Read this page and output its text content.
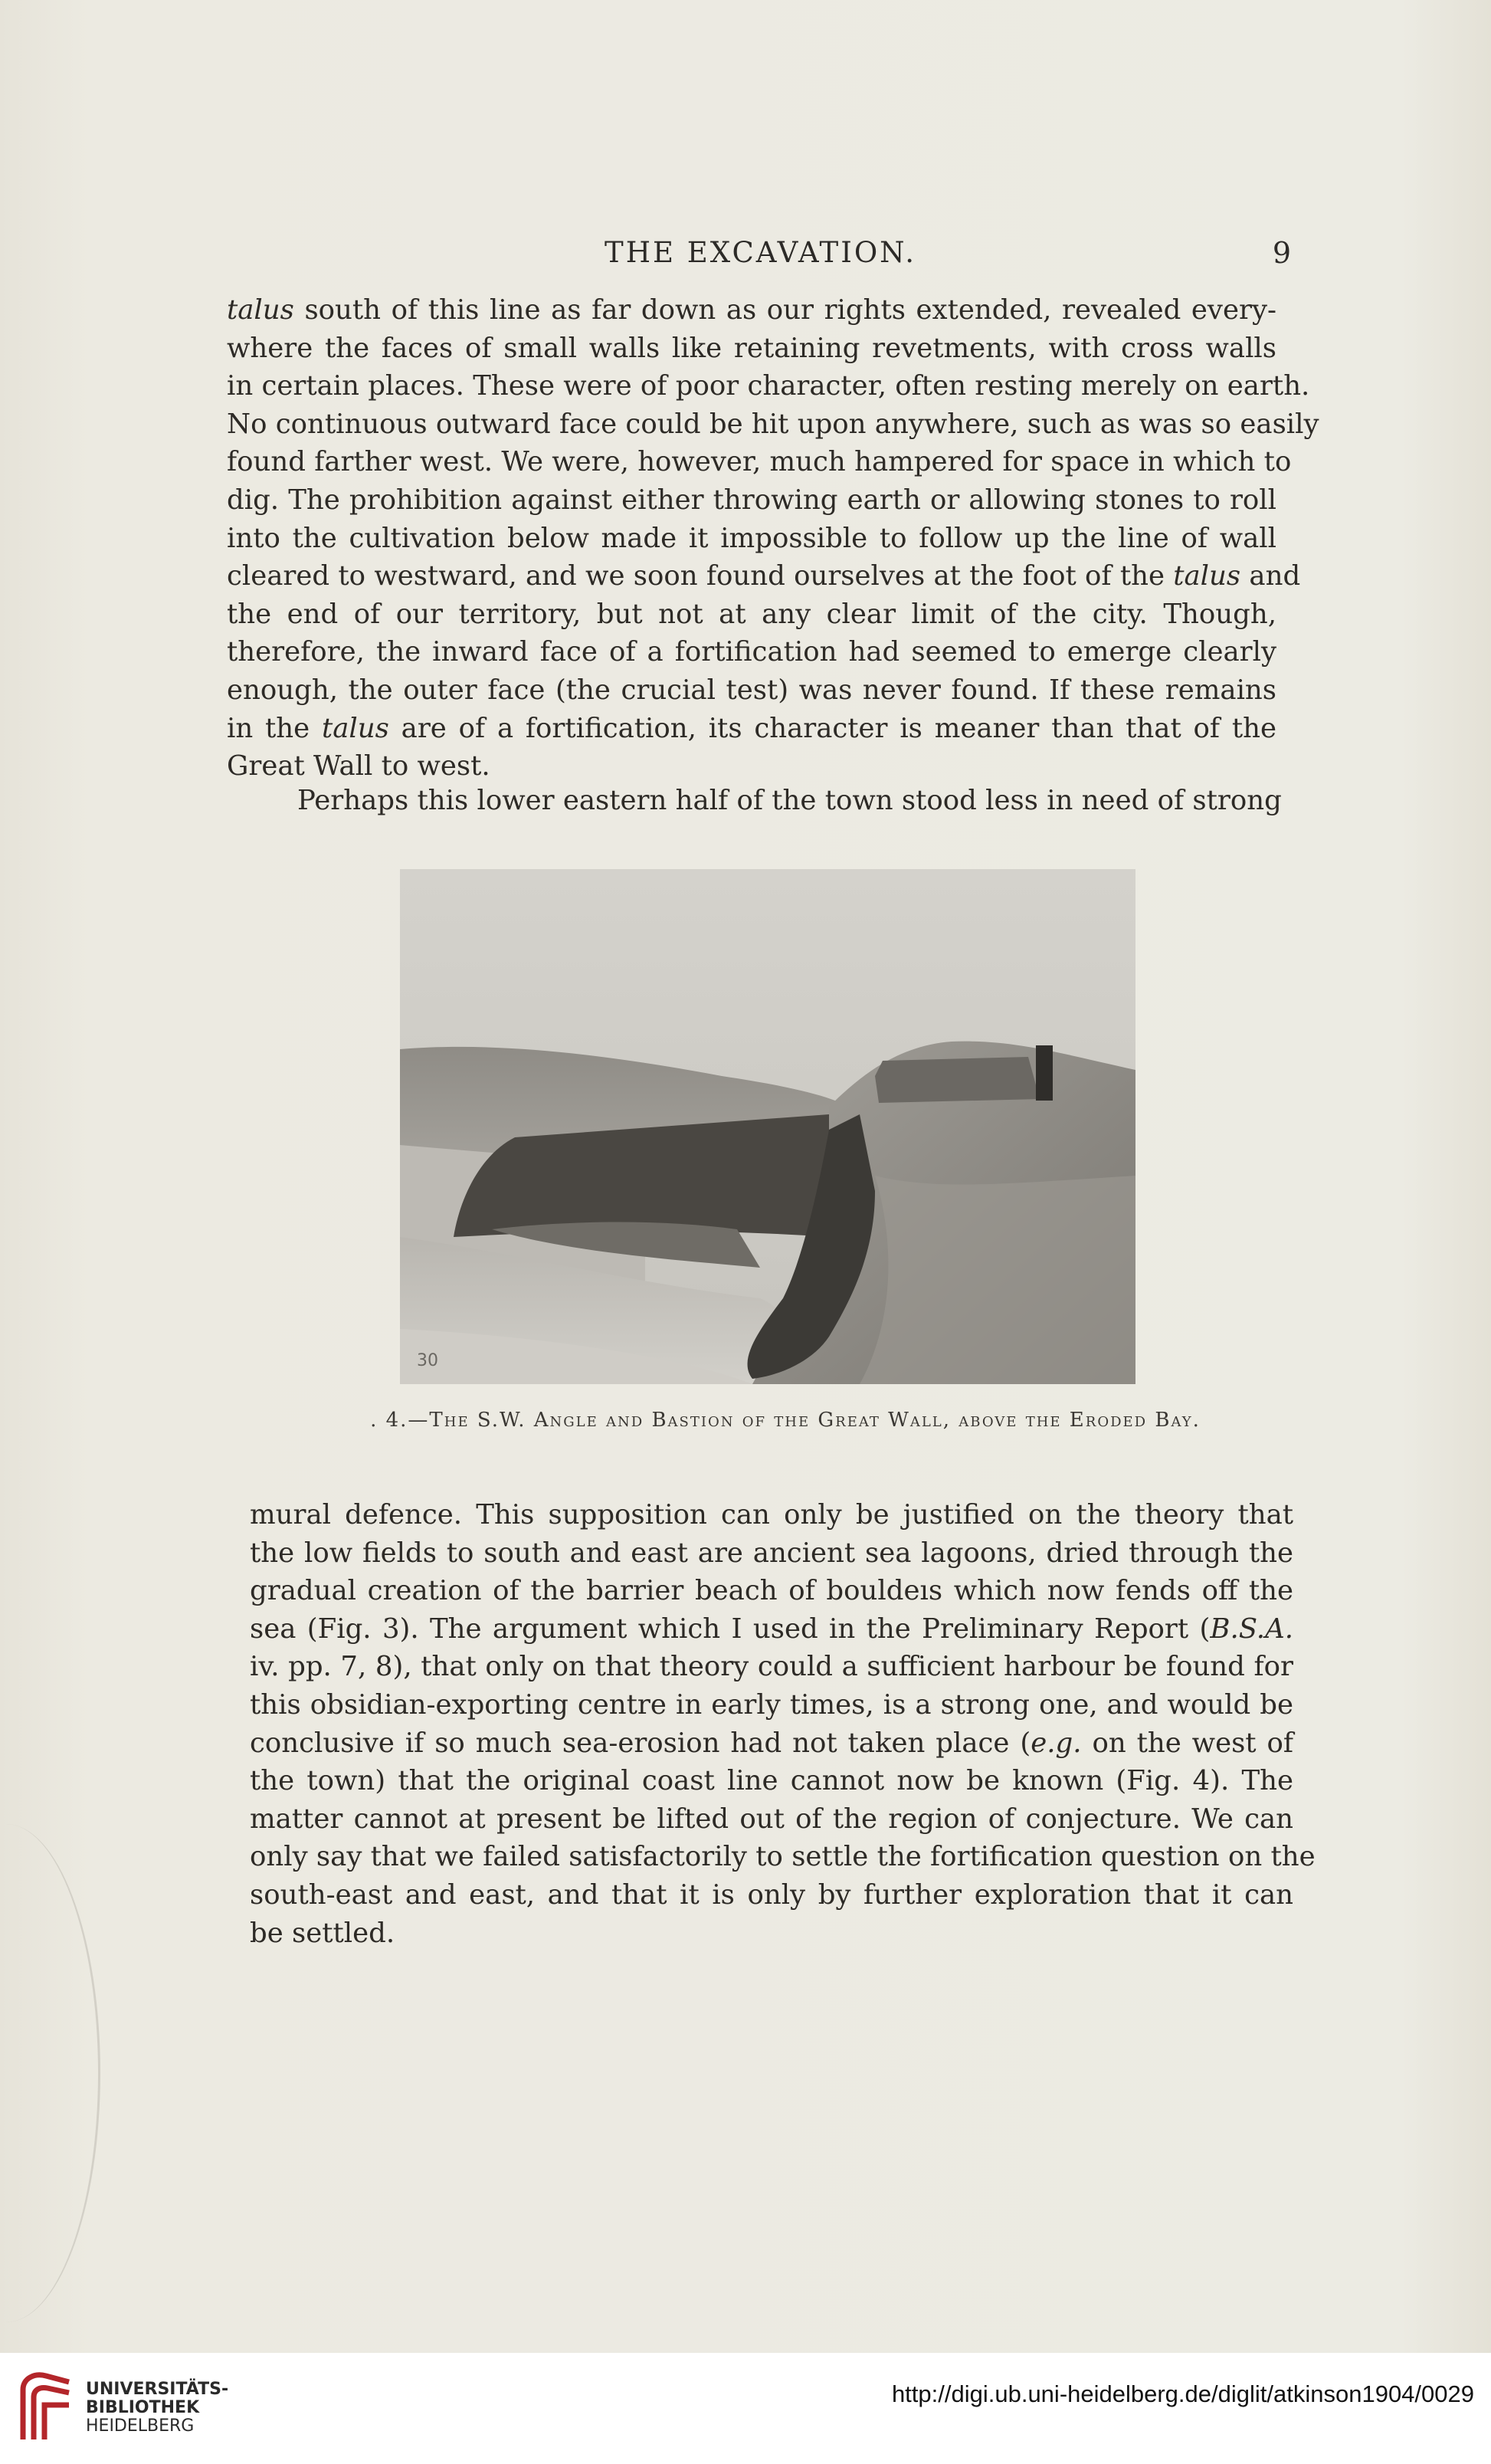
THE EXCAVATION.	9
talus south of this line as far down as our rights extended, revealed every-
where the faces of small walls like retaining revetments, with cross walls
in certain places. These were of poor character, often resting merely on earth.
No continuous outward face could be hit upon anywhere, such as was so easily
found farther west. We were, however, much hampered for space in which to
dig. The prohibition against either throwing earth or allowing stones to roll
into the cultivation below made it impossible to follow up the line of wall
cleared to westward, and we soon found ourselves at the foot of the talus and
the end of our territory, but not at any clear limit of the city. Though,
therefore, the inward face of a fortification had seemed to emerge clearly
enough, the outer face (the crucial test) was never found. If these remains
in the talus are of a fortification, its character is meaner than that of the
Great Wall to west.
Perhaps this lower eastern half of the town stood less in need of strong
30
. 4.—The S.W. Angle and Bastion of the Great Wall, above the Eroded Bay.
mural defence. This supposition can only be justified on the theory that
the low fields to south and east are ancient sea lagoons, dried through the
gradual creation of the barrier beach of bouldeıs which now fends off the
sea (Fig. 3). The argument which I used in the Preliminary Report (B.S.A.
iv. pp. 7, 8), that only on that theory could a sufficient harbour be found for
this obsidian-exporting centre in early times, is a strong one, and would be
conclusive if so much sea-erosion had not taken place (e.g. on the west of
the town) that the original coast line cannot now be known (Fig. 4). The
matter cannot at present be lifted out of the region of conjecture. We can
only say that we failed satisfactorily to settle the fortification question on the
south-east and east, and that it is only by further exploration that it can
be settled.
UNIVERSITÄTS-
BIBLIOTHEK
HEIDELBERG
http://digi.ub.uni-heidelberg.de/diglit/atkinson1904/0029
